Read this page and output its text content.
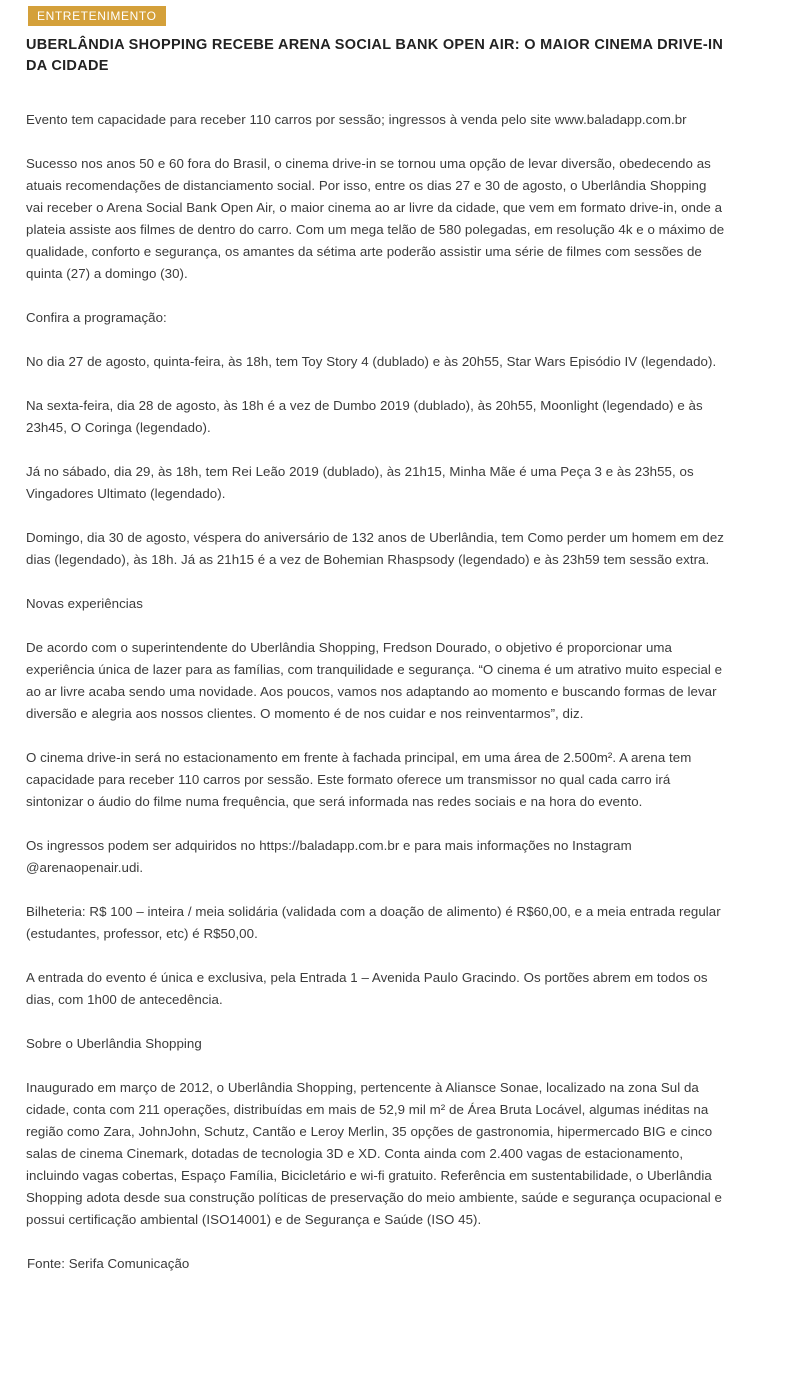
ENTRETENIMENTO
UBERLÂNDIA SHOPPING RECEBE ARENA SOCIAL BANK OPEN AIR: O MAIOR CINEMA DRIVE-IN DA CIDADE

Evento tem capacidade para receber 110 carros por sessão; ingressos à venda pelo site www.baladapp.com.br

Sucesso nos anos 50 e 60 fora do Brasil, o cinema drive-in se tornou uma opção de levar diversão, obedecendo as atuais recomendações de distanciamento social. Por isso, entre os dias 27 e 30 de agosto, o Uberlândia Shopping vai receber o Arena Social Bank Open Air, o maior cinema ao ar livre da cidade, que vem em formato drive-in, onde a plateia assiste aos filmes de dentro do carro. Com um mega telão de 580 polegadas, em resolução 4k e o máximo de qualidade, conforto e segurança, os amantes da sétima arte poderão assistir uma série de filmes com sessões de quinta (27) a domingo (30).

Confira a programação:

No dia 27 de agosto, quinta-feira, às 18h, tem Toy Story 4 (dublado) e às 20h55, Star Wars Episódio IV (legendado).

Na sexta-feira, dia 28 de agosto, às 18h é a vez de Dumbo 2019 (dublado), às 20h55, Moonlight (legendado) e às 23h45, O Coringa (legendado).

Já no sábado, dia 29, às 18h, tem Rei Leão 2019 (dublado), às 21h15, Minha Mãe é uma Peça 3 e às 23h55, os Vingadores Ultimato (legendado).

Domingo, dia 30 de agosto, véspera do aniversário de 132 anos de Uberlândia, tem Como perder um homem em dez dias (legendado), às 18h. Já as 21h15 é a vez de Bohemian Rhaspsody (legendado) e às 23h59 tem sessão extra.

Novas experiências

De acordo com o superintendente do Uberlândia Shopping, Fredson Dourado, o objetivo é proporcionar uma experiência única de lazer para as famílias, com tranquilidade e segurança. “O cinema é um atrativo muito especial e ao ar livre acaba sendo uma novidade. Aos poucos, vamos nos adaptando ao momento e buscando formas de levar diversão e alegria aos nossos clientes. O momento é de nos cuidar e nos reinventarmos”, diz.

O cinema drive-in será no estacionamento em frente à fachada principal, em uma área de 2.500m². A arena tem capacidade para receber 110 carros por sessão. Este formato oferece um transmissor no qual cada carro irá sintonizar o áudio do filme numa frequência, que será informada nas redes sociais e na hora do evento.

Os ingressos podem ser adquiridos no https://baladapp.com.br e para mais informações no Instagram @arenaopenair.udi.

Bilheteria: R$ 100 – inteira / meia solidária (validada com a doação de alimento) é R$60,00, e a meia entrada regular (estudantes, professor, etc) é R$50,00.

A entrada do evento é única e exclusiva, pela Entrada 1 – Avenida Paulo Gracindo. Os portões abrem em todos os dias, com 1h00 de antecedência.

Sobre o Uberlândia Shopping

Inaugurado em março de 2012, o Uberlândia Shopping, pertencente à Aliansce Sonae, localizado na zona Sul da cidade, conta com 211 operações, distribuídas em mais de 52,9 mil m² de Área Bruta Locável, algumas inéditas na região como Zara, JohnJohn, Schutz, Cantão e Leroy Merlin, 35 opções de gastronomia, hipermercado BIG e cinco salas de cinema Cinemark, dotadas de tecnologia 3D e XD. Conta ainda com 2.400 vagas de estacionamento, incluindo vagas cobertas, Espaço Família, Bicicletário e wi-fi gratuito. Referência em sustentabilidade, o Uberlândia Shopping adota desde sua construção políticas de preservação do meio ambiente, saúde e segurança ocupacional e possui certificação ambiental (ISO14001) e de Segurança e Saúde (ISO 45).

Fonte: Serifa Comunicação
